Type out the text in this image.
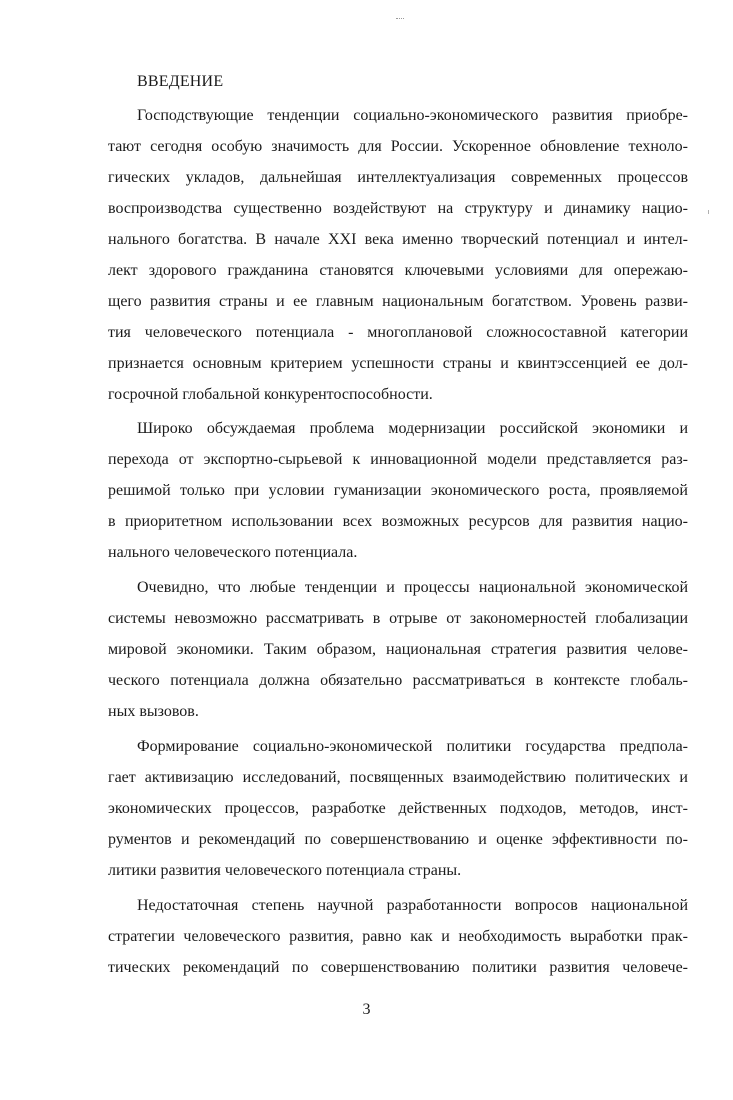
ВВЕДЕНИЕ
Господствующие тенденции социально-экономического развития приобре-
тают сегодня особую значимость для России. Ускоренное обновление техноло-
гических укладов, дальнейшая интеллектуализация современных процессов
воспроизводства существенно воздействуют на структуру и динамику нацио-
нального богатства. В начале XXI века именно творческий потенциал и интел-
лект здорового гражданина становятся ключевыми условиями для опережаю-
щего развития страны и ее главным национальным богатством. Уровень разви-
тия человеческого потенциала - многоплановой сложносоставной категории
признается основным критерием успешности страны и квинтэссенцией ее дол-
госрочной глобальной конкурентоспособности.
Широко обсуждаемая проблема модернизации российской экономики и
перехода от экспортно-сырьевой к инновационной модели представляется раз-
решимой только при условии гуманизации экономического роста, проявляемой
в приоритетном использовании всех возможных ресурсов для развития нацио-
нального человеческого потенциала.
Очевидно, что любые тенденции и процессы национальной экономической
системы невозможно рассматривать в отрыве от закономерностей глобализации
мировой экономики. Таким образом, национальная стратегия развития челове-
ческого потенциала должна обязательно рассматриваться в контексте глобаль-
ных вызовов.
Формирование социально-экономической политики государства предпола-
гает активизацию исследований, посвященных взаимодействию политических и
экономических процессов, разработке действенных подходов, методов, инст-
рументов и рекомендаций по совершенствованию и оценке эффективности по-
литики развития человеческого потенциала страны.
Недостаточная степень научной разработанности вопросов национальной
стратегии человеческого развития, равно как и необходимость выработки прак-
тических рекомендаций по совершенствованию политики развития человече-
3
